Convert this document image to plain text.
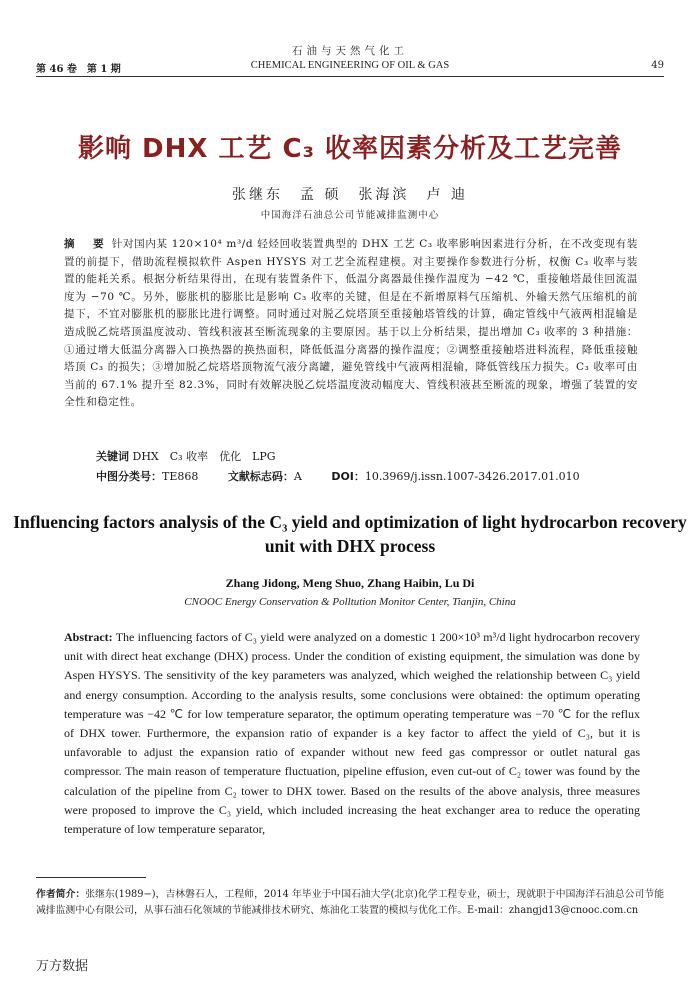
石油与天然气化工
第 46 卷　第 1 期	CHEMICAL ENGINEERING OF OIL & GAS	49
影响 DHX 工艺 C₃ 收率因素分析及工艺完善
张继东　孟 硕　张海滨　卢 迪
中国海洋石油总公司节能减排监测中心
摘　要 针对国内某 120×10⁴ m³/d 轻烃回收装置典型的 DHX 工艺 C₃ 收率影响因素进行分析，在不改变现有装置的前提下，借助流程模拟软件 Aspen HYSYS 对工艺全流程建模。对主要操作参数进行分析，权衡 C₃ 收率与装置的能耗关系。根据分析结果得出，在现有装置条件下，低温分离器最佳操作温度为 −42 ℃，重接触塔最佳回流温度为 −70 ℃。另外，膨胀机的膨胀比是影响 C₃ 收率的关键，但是在不新增原料气压缩机、外输天然气压缩机的前提下，不宜对膨胀机的膨胀比进行调整。同时通过对脱乙烷塔顶至重接触塔管线的计算，确定管线中气液两相混输是造成脱乙烷塔顶温度波动、管线积液甚至断流现象的主要原因。基于以上分析结果，提出增加 C₃ 收率的 3 种措施：①通过增大低温分离器入口换热器的换热面积，降低低温分离器的操作温度；②调整重接触塔进料流程，降低重接触塔顶 C₃ 的损失；③增加脱乙烷塔塔顶物流气液分离罐，避免管线中气液两相混输，降低管线压力损失。C₃ 收率可由当前的 67.1% 提升至 82.3%，同时有效解决脱乙烷塔温度波动幅度大、管线积液甚至断流的现象，增强了装置的安全性和稳定性。
关键词 DHX　C₃ 收率　优化　LPG
中图分类号：TE868	文献标志码：A	DOI：10.3969/j.issn.1007-3426.2017.01.010
Influencing factors analysis of the C₃ yield and optimization of light hydrocarbon recovery unit with DHX process
Zhang Jidong, Meng Shuo, Zhang Haibin, Lu Di
CNOOC Energy Conservation & Polltution Monitor Center, Tianjin, China
Abstract: The influencing factors of C₃ yield were analyzed on a domestic 1 200×10³ m³/d light hydrocarbon recovery unit with direct heat exchange (DHX) process. Under the condition of existing equipment, the simulation was done by Aspen HYSYS. The sensitivity of the key parameters was analyzed, which weighed the relationship between C₃ yield and energy consumption. According to the analysis results, some conclusions were obtained: the optimum operating temperature was −42 ℃ for low temperature separator, the optimum operating temperature was −70 ℃ for the reflux of DHX tower. Furthermore, the expansion ratio of expander is a key factor to affect the yield of C₃, but it is unfavorable to adjust the expansion ratio of expander without new feed gas compressor or outlet natural gas compressor. The main reason of temperature fluctuation, pipeline effusion, even cut-out of C₂ tower was found by the calculation of the pipeline from C₂ tower to DHX tower. Based on the results of the above analysis, three measures were proposed to improve the C₃ yield, which included increasing the heat exchanger area to reduce the operating temperature of low temperature separator,
作者简介：张继东(1989−)，吉林磐石人，工程师，2014 年毕业于中国石油大学(北京)化学工程专业，硕士，现就职于中国海洋石油总公司节能减排监测中心有限公司，从事石油石化领域的节能减排技术研究、炼油化工装置的模拟与优化工作。E-mail：zhangjd13@cnooc.com.cn
万方数据
